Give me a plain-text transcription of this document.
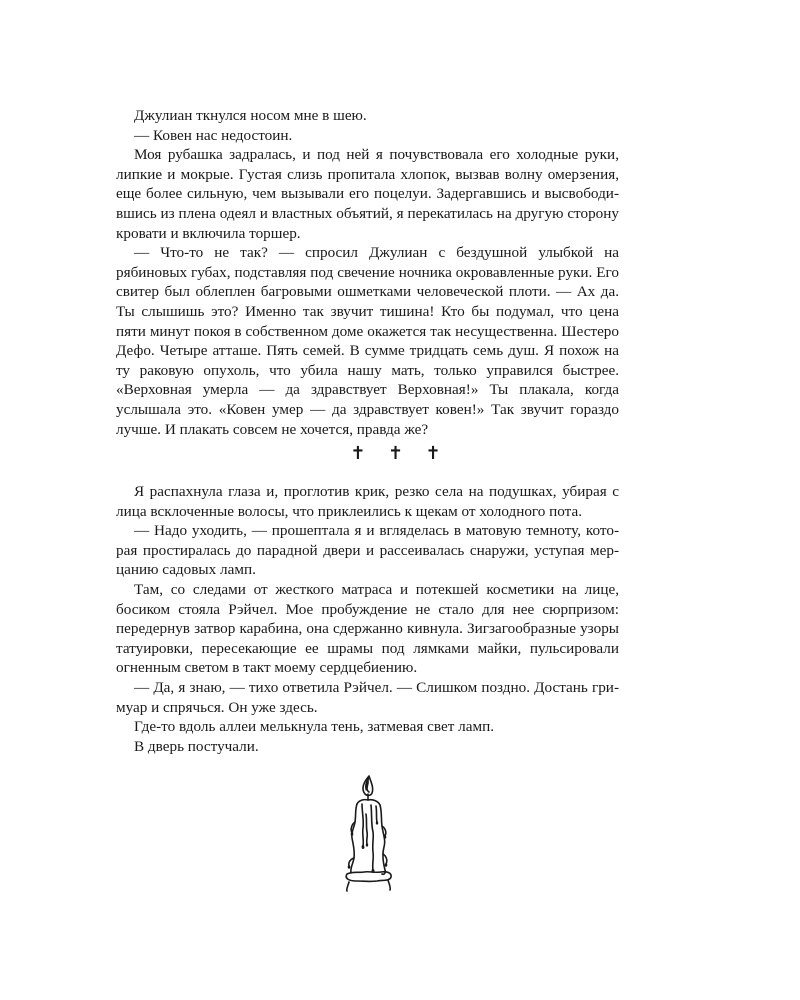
Джулиан ткнулся носом мне в шею.

— Ковен нас недостоин.

Моя рубашка задралась, и под ней я почувствовала его холодные руки, липкие и мокрые. Густая слизь пропитала хлопок, вызвав волну омерзения, еще более сильную, чем вызывали его поцелуи. Задергавшись и высвободившись из плена одеял и властных объятий, я перекатилась на другую сторону кровати и включила торшер.

— Что-то не так? — спросил Джулиан с бездушной улыбкой на рябиновых губах, подставляя под свечение ночника окровавленные руки. Его свитер был облеплен багровыми ошметками человеческой плоти. — Ах да. Ты слышишь это? Именно так звучит тишина! Кто бы подумал, что цена пяти минут покоя в собственном доме окажется так несущественна. Шестеро Дефо. Четыре атташе. Пять семей. В сумме тридцать семь душ. Я похож на ту раковую опухоль, что убила нашу мать, только управился быстрее. «Верховная умерла — да здравствует Верховная!» Ты плакала, когда услышала это. «Ковен умер — да здравствует ковен!» Так звучит гораздо лучше. И плакать совсем не хочется, правда же?

✝ ✝ ✝

Я распахнула глаза и, проглотив крик, резко села на подушках, убирая с лица всклоченные волосы, что приклеились к щекам от холодного пота.

— Надо уходить, — прошептала я и вгляделась в матовую темноту, которая простиралась до парадной двери и рассеивалась снаружи, уступая мерцанию садовых ламп.

Там, со следами от жесткого матраса и потекшей косметики на лице, босиком стояла Рэйчел. Мое пробуждение не стало для нее сюрпризом: передернув затвор карабина, она сдержанно кивнула. Зигзагообразные узоры татуировки, пересекающие ее шрамы под лямками майки, пульсировали огненным светом в такт моему сердцебиению.

— Да, я знаю, — тихо ответила Рэйчел. — Слишком поздно. Достань гримуар и спрячься. Он уже здесь.

Где-то вдоль аллеи мелькнула тень, затмевая свет ламп.

В дверь постучали.
